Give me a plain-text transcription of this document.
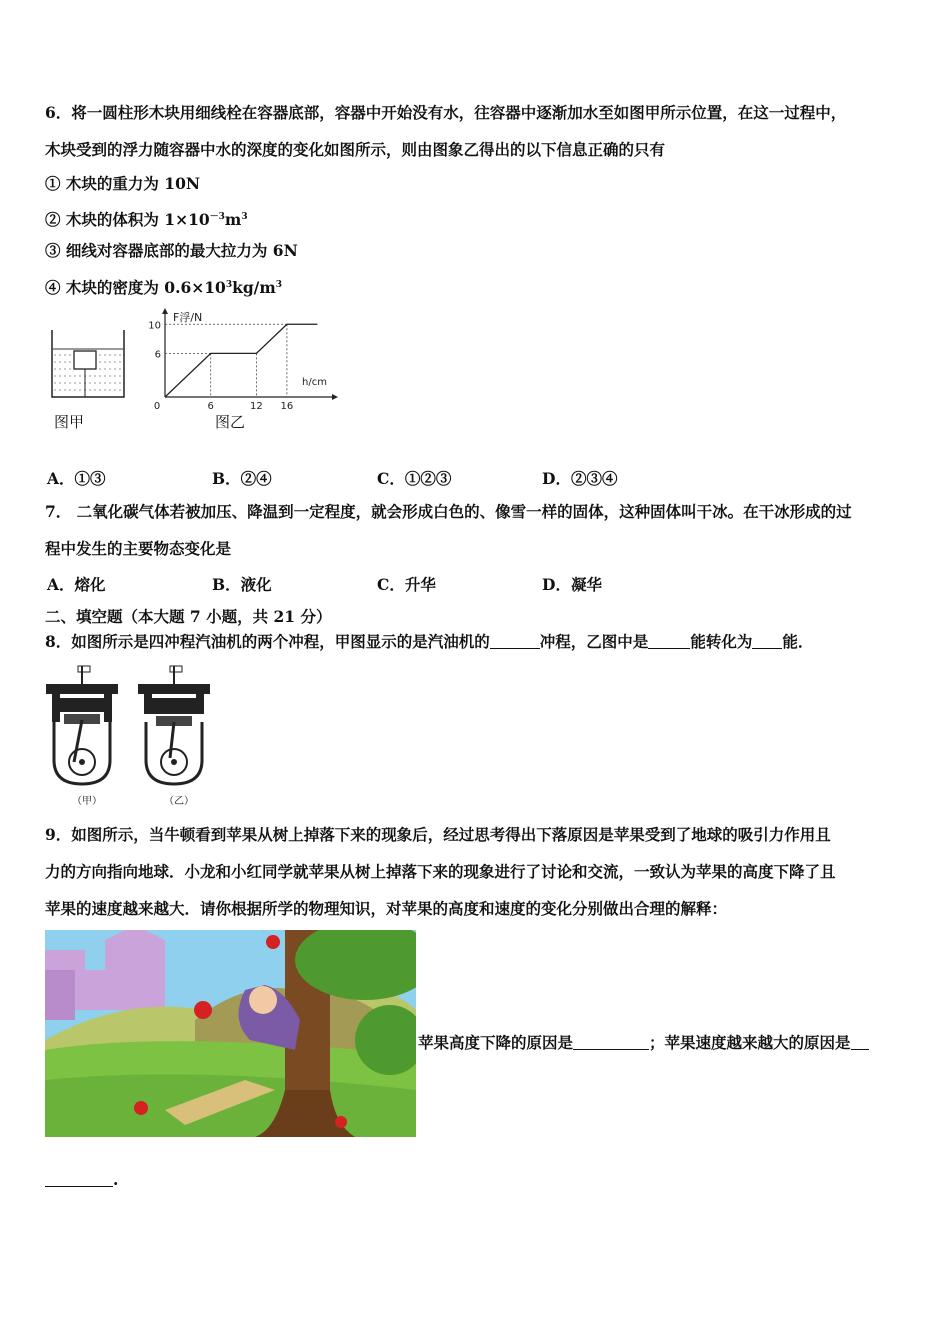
6．将一圆柱形木块用细线栓在容器底部，容器中开始没有水，往容器中逐渐加水至如图甲所示位置，在这一过程中，
木块受到的浮力随容器中水的深度的变化如图所示，则由图象乙得出的以下信息正确的只有
① 木块的重力为 10N
② 木块的体积为 $1\times 10^{-3}m^3$
③ 细线对容器底部的最大拉力为 6N
④ 木块的密度为 $0.6\times 10^3kg/m^3$
图甲
6
10
0	6	12 16
F浮/N
h/cm
图乙
A．①③	B．②④	C．①②③	D．②③④
7． 二氧化碳气体若被加压、降温到一定程度，就会形成白色的、像雪一样的固体，这种固体叫干冰。在干冰形成的过
程中发生的主要物态变化是
A．熔化	B．液化	C．升华	D．凝华
二、填空题（本大题 7 小题，共 21 分）
8．如图所示是四冲程汽油机的两个冲程，甲图显示的是汽油机的	冲程，乙图中是	能转化为 能．
（甲）	（乙）
9．如图所示，当牛顿看到苹果从树上掉落下来的现象后，经过思考得出下落原因是苹果受到了地球的吸引力作用且
力的方向指向地球．小龙和小红同学就苹果从树上掉落下来的现象进行了讨论和交流，一致认为苹果的高度下降了且
苹果的速度越来越大．请你根据所学的物理知识，对苹果的高度和速度的变化分别做出合理的解释：
苹果高度下降的原因是	；苹果速度越来越大的原因是
.
